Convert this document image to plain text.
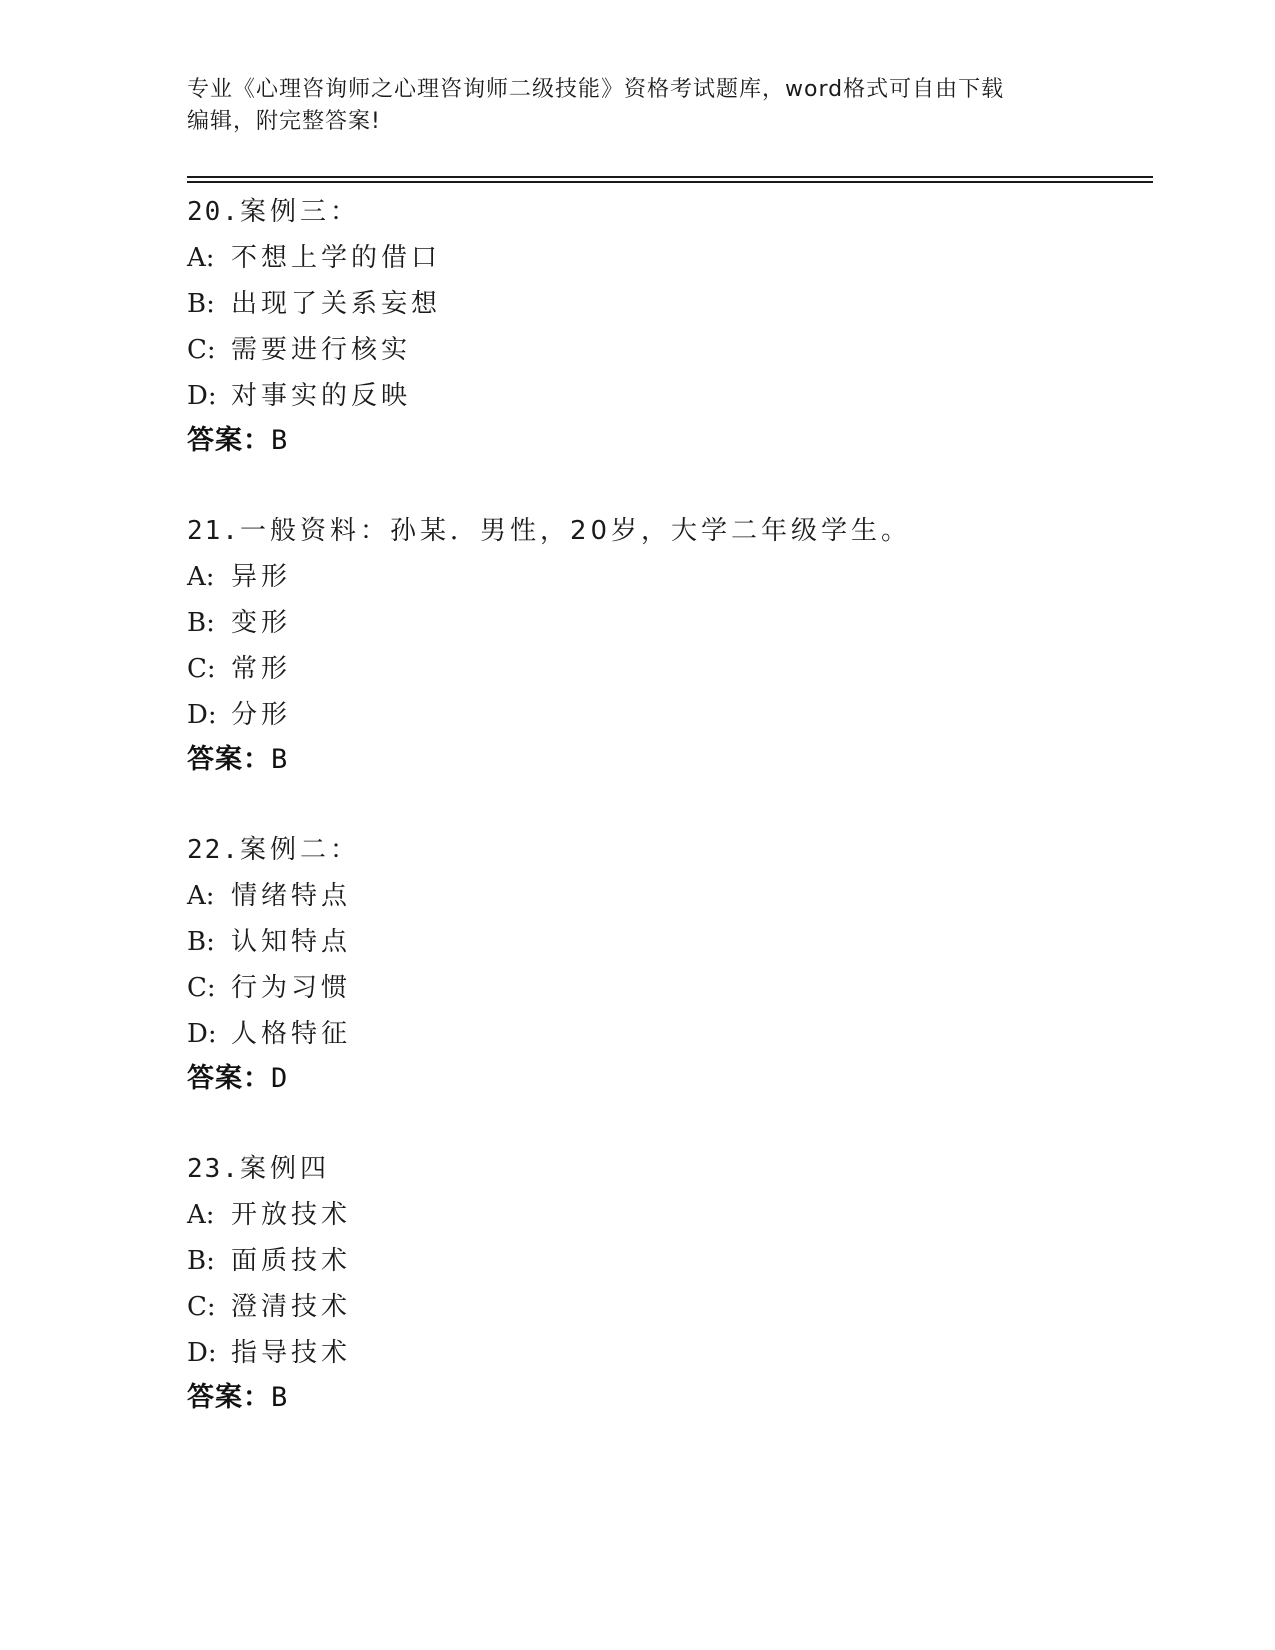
专业《心理咨询师之心理咨询师二级技能》资格考试题库，word格式可自由下载
编辑，附完整答案!
20.案例三：
A: 不想上学的借口
B: 出现了关系妄想
C: 需要进行核实
D: 对事实的反映
答案：B
21.一般资料：孙某．男性，20岁，大学二年级学生。
A: 异形
B: 变形
C: 常形
D: 分形
答案：B
22.案例二：
A: 情绪特点
B: 认知特点
C: 行为习惯
D: 人格特征
答案：D
23.案例四
A: 开放技术
B: 面质技术
C: 澄清技术
D: 指导技术
答案：B
